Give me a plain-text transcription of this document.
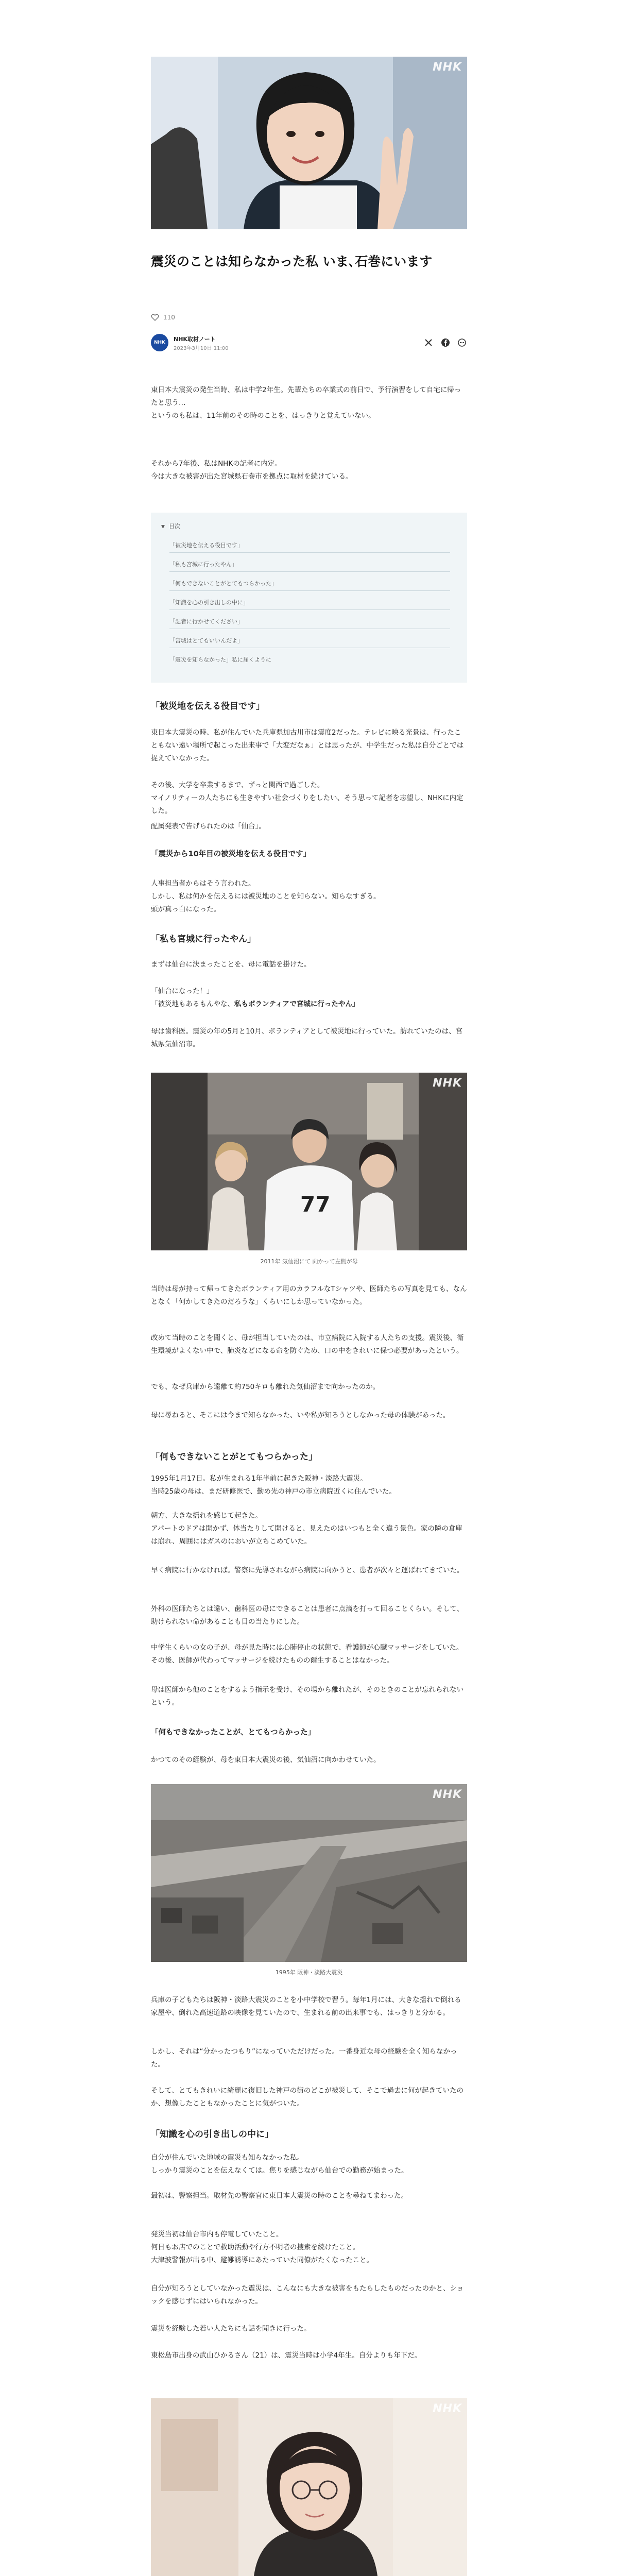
NHK
震災のことは知らなかった私 いま､石巻にいます
110
NHK	NHK取材ノート
2023年3月10日 11:00

東日本大震災の発生当時、私は中学2年生。先輩たちの卒業式の前日で、予行演習をして自宅に帰ったと思う…

というのも私は、11年前のその時のことを、はっきりと覚えていない。

それから7年後、私はNHKの記者に内定。

今は大きな被害が出た宮城県石巻市を拠点に取材を続けている。

▼ 目次
「被災地を伝える役目です」
「私も宮城に行ったやん」
「何もできないことがとてもつらかった」
「知識を心の引き出しの中に」
「記者に行かせてください」
「宮城はとてもいいんだよ」
「震災を知らなかった」私に届くように
「被災地を伝える役目です」

東日本大震災の時、私が住んでいた兵庫県加古川市は震度2だった。テレビに映る光景は、行ったこともない遠い場所で起こった出来事で「大変だなぁ」とは思ったが、中学生だった私は自分ごとでは捉えていなかった。

その後、大学を卒業するまで、ずっと関西で過ごした。
マイノリティーの人たちにも生きやすい社会づくりをしたい、そう思って記者を志望し、NHKに内定した。

配属発表で告げられたのは「仙台」。

「震災から10年目の被災地を伝える役目です」

人事担当者からはそう言われた。
しかし、私は何かを伝えるには被災地のことを知らない。知らなすぎる。
頭が真っ白になった。

「私も宮城に行ったやん」

まずは仙台に決まったことを、母に電話を掛けた。

「仙台になった！」

「被災地もあるもんやな、私もボランティアで宮城に行ったやん」

母は歯科医。震災の年の5月と10月、ボランティアとして被災地に行っていた。訪れていたのは、宮城県気仙沼市。

77
NHK
2011年 気仙沼にて 向かって左側が母

当時は母が持って帰ってきたボランティア用のカラフルなTシャツや、医師たちの写真を見ても、なんとなく「何かしてきたのだろうな」くらいにしか思っていなかった。

改めて当時のことを聞くと、母が担当していたのは、市立病院に入院する人たちの支援。震災後、衛生環境がよくない中で、肺炎などになる命を防ぐため、口の中をきれいに保つ必要があったという。

でも、なぜ兵庫から遠離て約750キロも離れた気仙沼まで向かったのか。

母に尋ねると、そこには今まで知らなかった、いや私が知ろうとしなかった母の体験があった。

「何もできないことがとてもつらかった」

1995年1月17日。私が生まれる1年半前に起きた阪神・淡路大震災。
当時25歳の母は、まだ研修医で、勤め先の神戸の市立病院近くに住んでいた。

朝方、大きな揺れを感じて起きた。
アパートのドアは開かず、体当たりして開けると、見えたのはいつもと全く違う景色。家の隣の倉庫は崩れ、周囲にはガスのにおいが立ちこめていた。

早く病院に行かなければ。警察に先導されながら病院に向かうと、患者が次々と運ばれてきていた。

外科の医師たちとは違い、歯科医の母にできることは患者に点滴を打って回ることくらい。そして、助けられない命があることも目の当たりにした。

中学生くらいの女の子が、母が見た時には心肺停止の状態で、看護師が心臓マッサージをしていた。その後、医師が代わってマッサージを続けたものの爾生することはなかった。

母は医師から他のことをするよう指示を受け、その場から離れたが、そのときのことが忘れられないという。

「何もできなかったことが、とてもつらかった」

かつてのその経験が、母を東日本大震災の後、気仙沼に向かわせていた。

NHK
1995年 阪神・淡路大震災

兵庫の子どもたちは阪神・淡路大震災のことを小中学校で習う。毎年1月には、大きな揺れで倒れる家屋や、倒れた高速道路の映像を見ていたので、生まれる前の出来事でも、はっきりと分かる。

しかし、それは“分かったつもり”になっていただけだった。一番身近な母の経験を全く知らなかった。

そして、とてもきれいに綺麗に復旧した神戸の街のどこが被災して、そこで過去に何が起きていたのか、想像したこともなかったことに気がついた。

「知識を心の引き出しの中に」

自分が住んでいた地域の震災も知らなかった私。
しっかり震災のことを伝えなくては。焦りを感じながら仙台での勤務が始まった。

最初は、警察担当。取材先の警察官に東日本大震災の時のことを尋ねてまわった。

発災当初は仙台市内も停電していたこと。
何日もお店でのことで救助活動や行方不明者の捜索を続けたこと。
大津波警報が出る中、避難誘導にあたっていた同僚がたくなったこと。

自分が知ろうとしていなかった震災は、こんなにも大きな被害をもたらしたものだったのかと、ショックを感じずにはいられなかった。

震災を経験した若い人たちにも話を聞きに行った。

東松島市出身の武山ひかるさん（21）は、震災当時は小学4年生。自分よりも年下だ。

NHK
